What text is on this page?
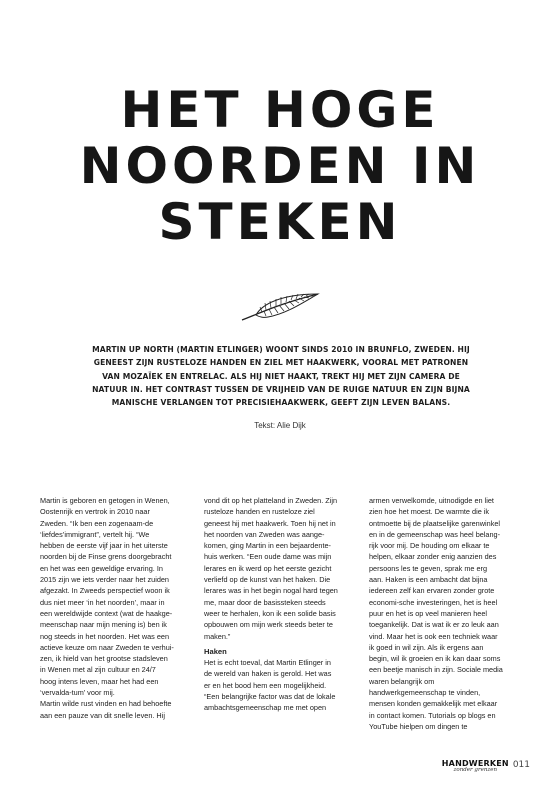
HET HOGE
NOORDEN IN
STEKEN
MARTIN UP NORTH (MARTIN ETLINGER) WOONT SINDS 2010 IN BRUNFLO, ZWEDEN. HIJ GENEEST ZIJN RUSTELOZE HANDEN EN ZIEL MET HAAKWERK, VOORAL MET PATRONEN VAN MOZAÏEK EN ENTRELAC. ALS HIJ NIET HAAKT, TREKT HIJ MET ZIJN CAMERA DE NATUUR IN. HET CONTRAST TUSSEN DE VRIJHEID VAN DE RUIGE NATUUR EN ZIJN BIJNA MANISCHE VERLANGEN TOT PRECISIEHAAKWERK, GEEFT ZIJN LEVEN BALANS.
Tekst: Alie Dijk

Martin is geboren en getogen in Wenen, Oostenrijk en vertrok in 2010 naar Zweden. “Ik ben een zogenaam-de ‘liefdes’immigrant”, vertelt hij. “We hebben de eerste vijf jaar in het uiterste noorden bij de Finse grens doorgebracht en het was een geweldige ervaring. In 2015 zijn we iets verder naar het zuiden afgezakt. In Zweeds perspectief woon ik dus niet meer ‘in het noorden’, maar in een wereldwijde context (wat de haakge-meenschap naar mijn mening is) ben ik nog steeds in het noorden. Het was een actieve keuze om naar Zweden te verhui-zen, ik hield van het grootse stadsleven in Wenen met al zijn cultuur en 24/7 hoog intens leven, maar het had een ‘vervalda-tum’ voor mij.

Martin wilde rust vinden en had behoefte aan een pauze van dit snelle leven. Hij

vond dit op het platteland in Zweden. Zijn rusteloze handen en rusteloze ziel geneest hij met haakwerk. Toen hij net in het noorden van Zweden was aange-komen, ging Martin in een bejaardente-huis werken. “Een oude dame was mijn lerares en ik werd op het eerste gezicht verliefd op de kunst van het haken. Die lerares was in het begin nogal hard tegen me, maar door de basissteken steeds weer te herhalen, kon ik een solide basis opbouwen om mijn werk steeds beter te maken.”

Haken

Het is echt toeval, dat Martin Etlinger in de wereld van haken is gerold. Het was er en het bood hem een mogelijkheid. “Een belangrijke factor was dat de lokale ambachtsgemeenschap me met open

armen verwelkomde, uitnodigde en liet zien hoe het moest. De warmte die ik ontmoette bij de plaatselijke garenwinkel en in de gemeenschap was heel belang-rijk voor mij. De houding om elkaar te helpen, elkaar zonder enig aanzien des persoons les te geven, sprak me erg aan. Haken is een ambacht dat bijna iedereen zelf kan ervaren zonder grote economi-sche investeringen, het is heel puur en het is op veel manieren heel toegankelijk. Dat is wat ik er zo leuk aan vind. Maar het is ook een techniek waar ik goed in wil zijn. Als ik ergens aan begin, wil ik groeien en ik kan daar soms een beetje manisch in zijn. Sociale media waren belangrijk om handwerkgemeenschap te vinden, mensen konden gemakkelijk met elkaar in contact komen. Tutorials op blogs en YouTube hielpen om dingen te

HANDWERKEN
zonder grenzen 011
